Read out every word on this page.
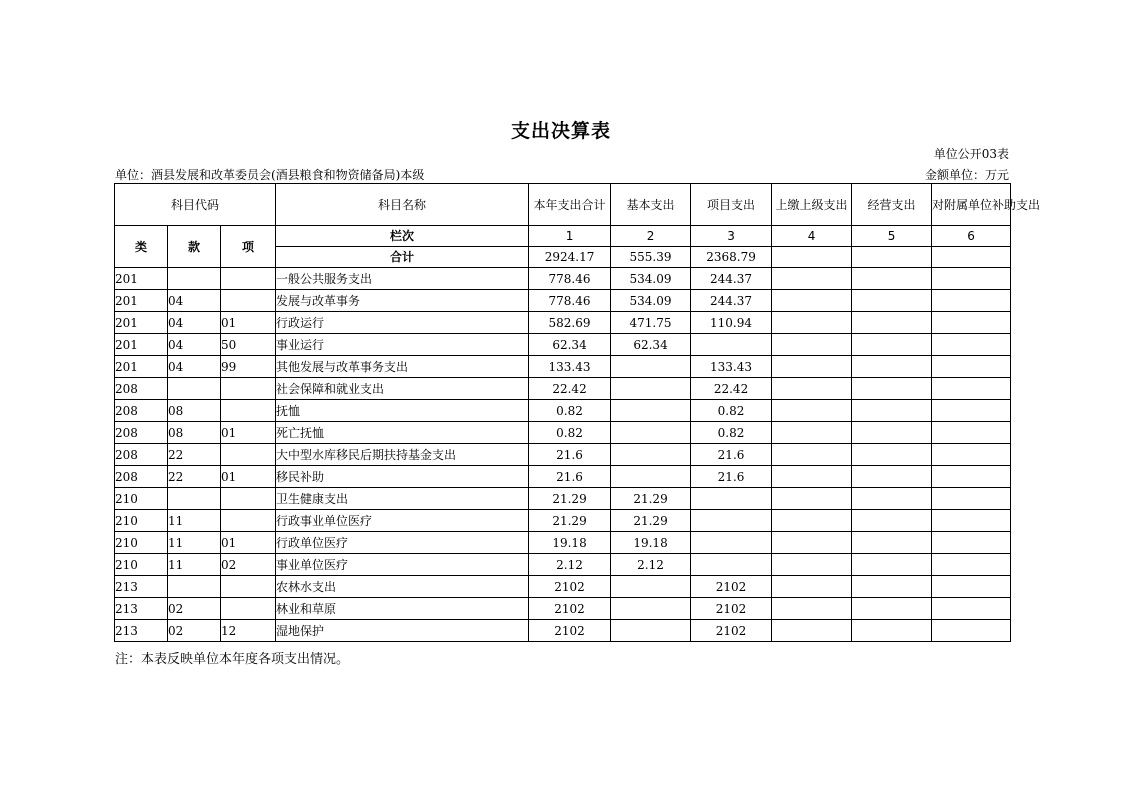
支出决算表
单位公开03表
单位：酒县发展和改革委员会(酒县粮食和物资储备局)本级	金额单位：万元
科目代码			科目名称	本年支出合计	基本支出	项目支出	上缴上级支出	经营支出	对附属单位补助支出
类	款	项	栏次	1	2	3	4	5	6
			合计	2924.17	555.39	2368.79			
201			一般公共服务支出	778.46	534.09	244.37			
201	04		发展与改革事务	778.46	534.09	244.37			
201	04	01	行政运行	582.69	471.75	110.94			
201	04	50	事业运行	62.34	62.34				
201	04	99	其他发展与改革事务支出	133.43		133.43			
208			社会保障和就业支出	22.42		22.42			
208	08		抚恤	0.82		0.82			
208	08	01	死亡抚恤	0.82		0.82			
208	22		大中型水库移民后期扶持基金支出	21.6		21.6			
208	22	01	移民补助	21.6		21.6			
210			卫生健康支出	21.29	21.29				
210	11		行政事业单位医疗	21.29	21.29				
210	11	01	行政单位医疗	19.18	19.18				
210	11	02	事业单位医疗	2.12	2.12				
213			农林水支出	2102		2102			
213	02		林业和草原	2102		2102			
213	02	12	湿地保护	2102		2102			
注：本表反映单位本年度各项支出情况。
